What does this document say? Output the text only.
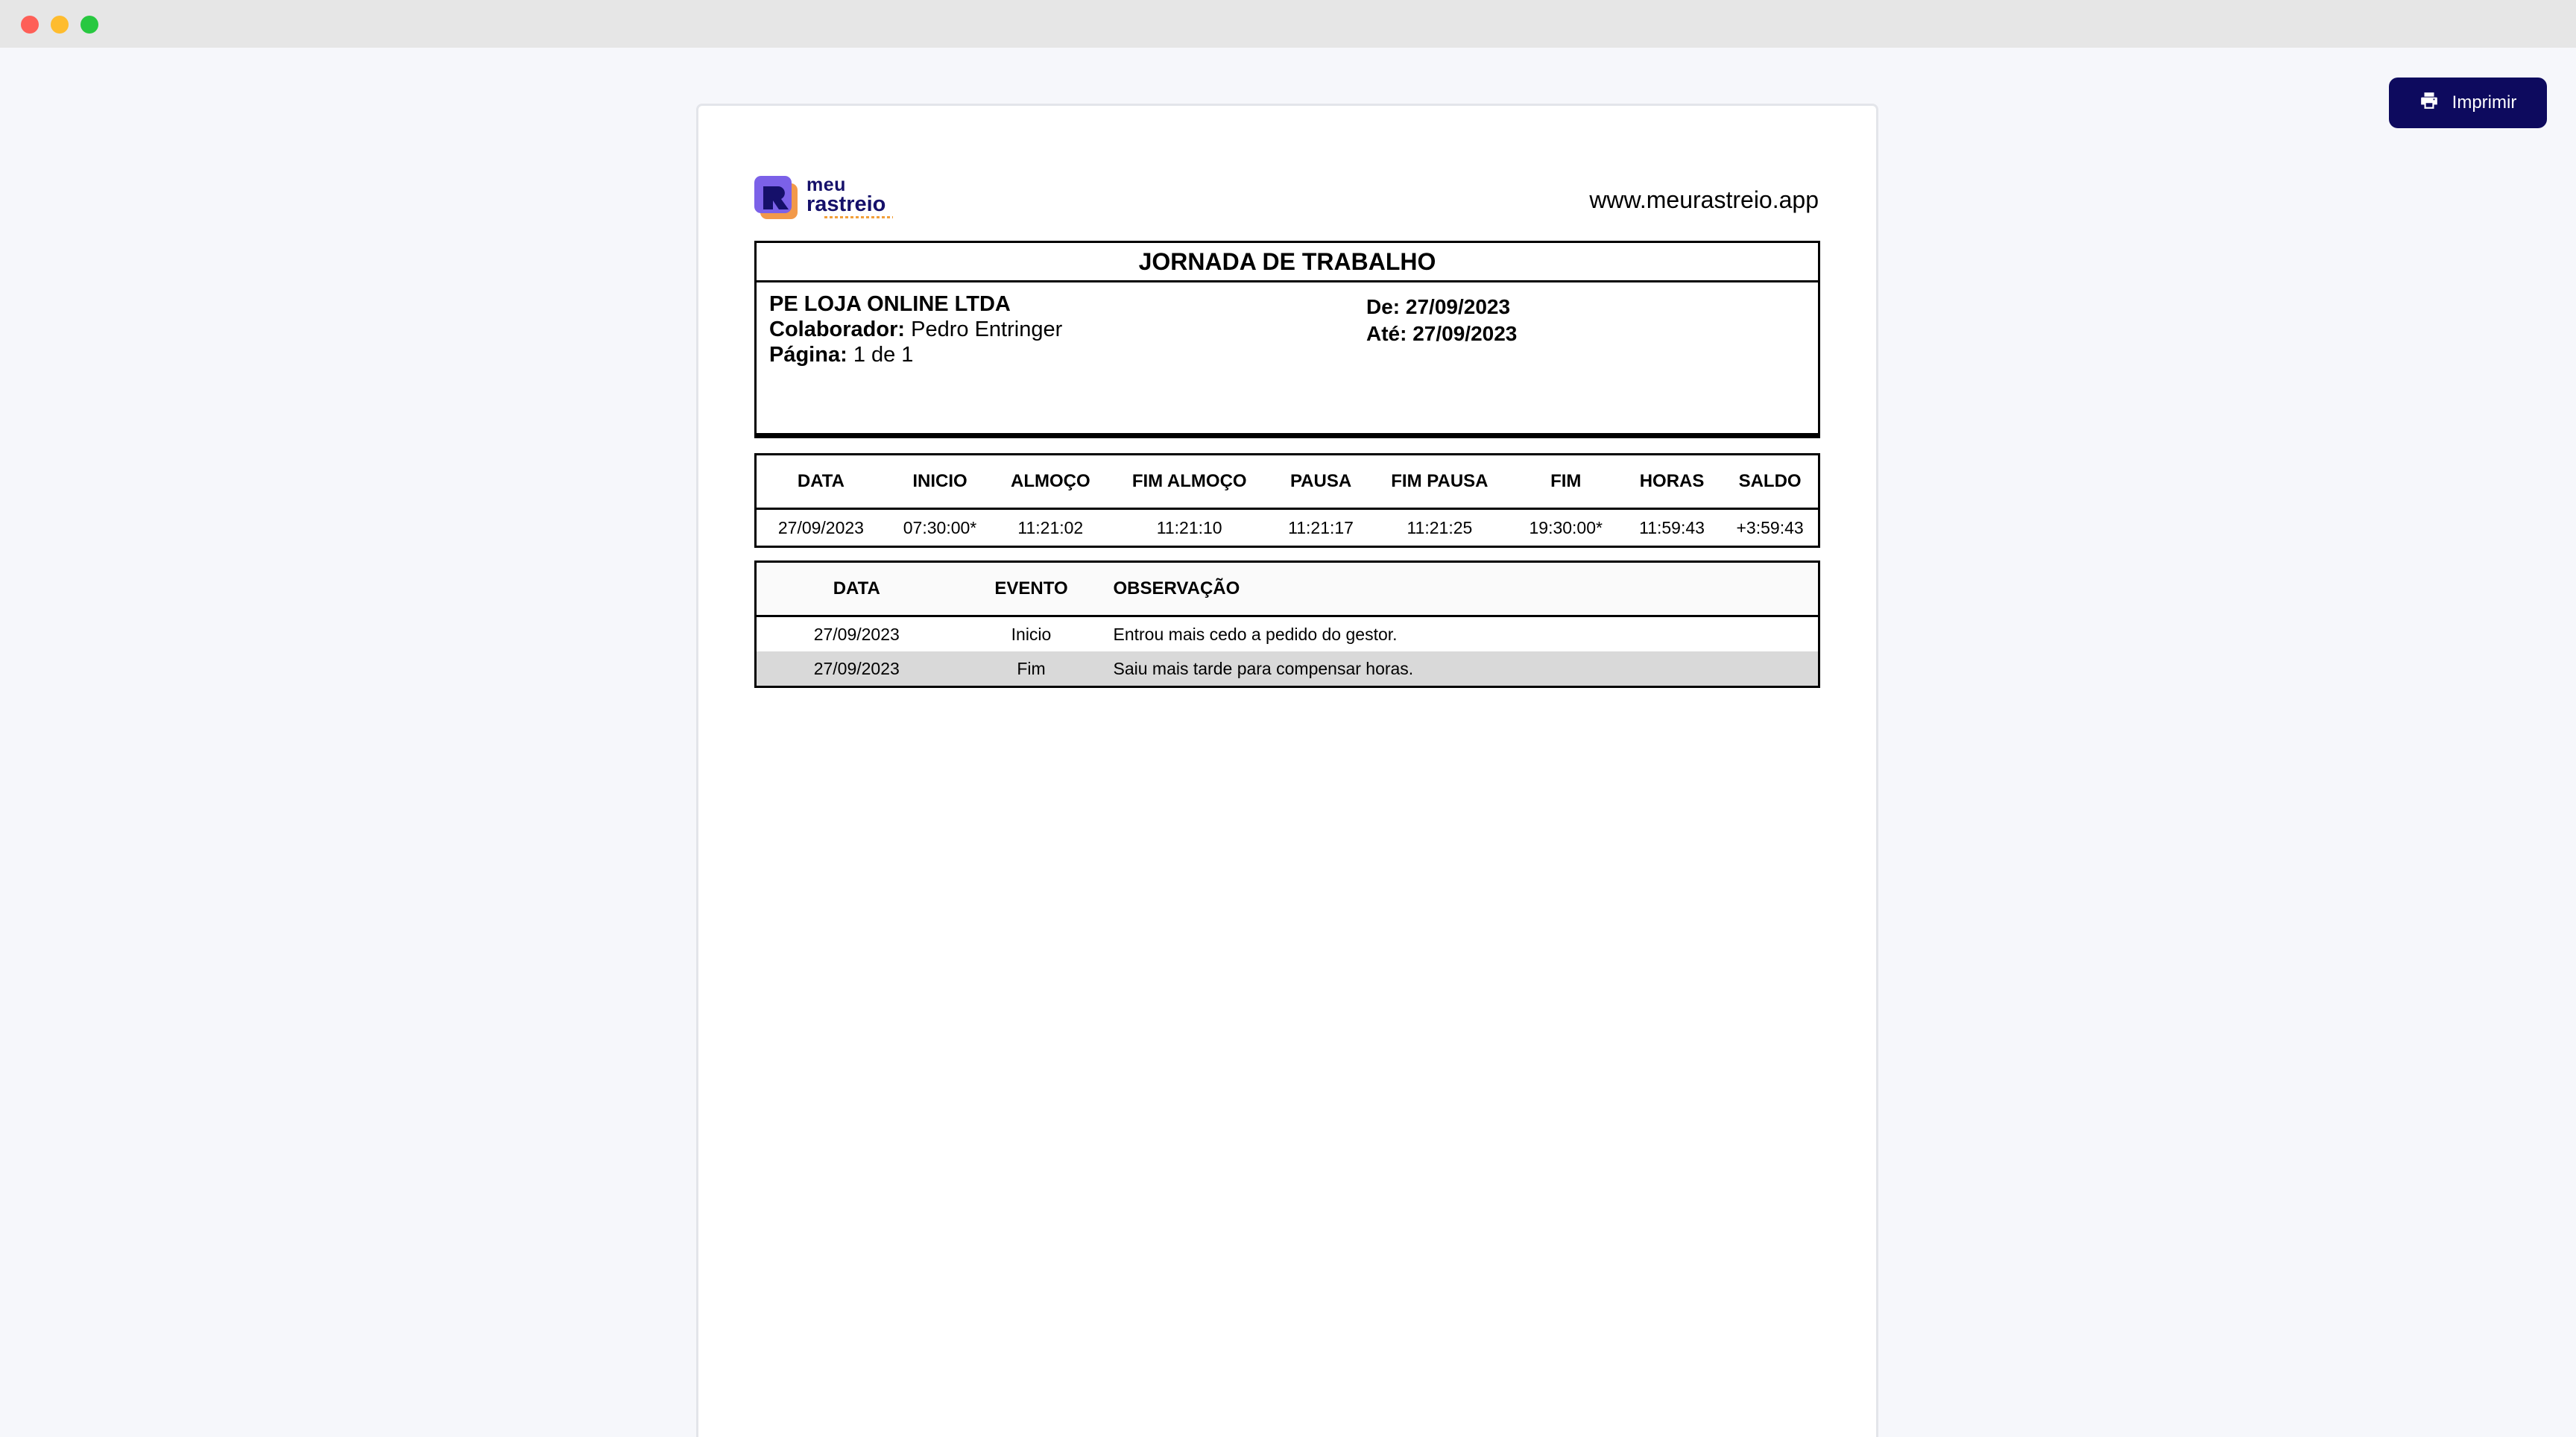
Imprimir
meu
rastreio	www.meurastreio.app
JORNADA DE TRABALHO
PE LOJA ONLINE LTDA
Colaborador: Pedro Entringer
Página: 1 de 1
De: 27/09/2023
Até: 27/09/2023
DATA	INICIO	ALMOÇO	FIM ALMOÇO	PAUSA	FIM PAUSA	FIM	HORAS	SALDO
27/09/2023	07:30:00*	11:21:02	11:21:10	11:21:17	11:21:25	19:30:00*	11:59:43	+3:59:43
DATA	EVENTO	OBSERVAÇÃO
27/09/2023	Inicio	Entrou mais cedo a pedido do gestor.
27/09/2023	Fim	Saiu mais tarde para compensar horas.
